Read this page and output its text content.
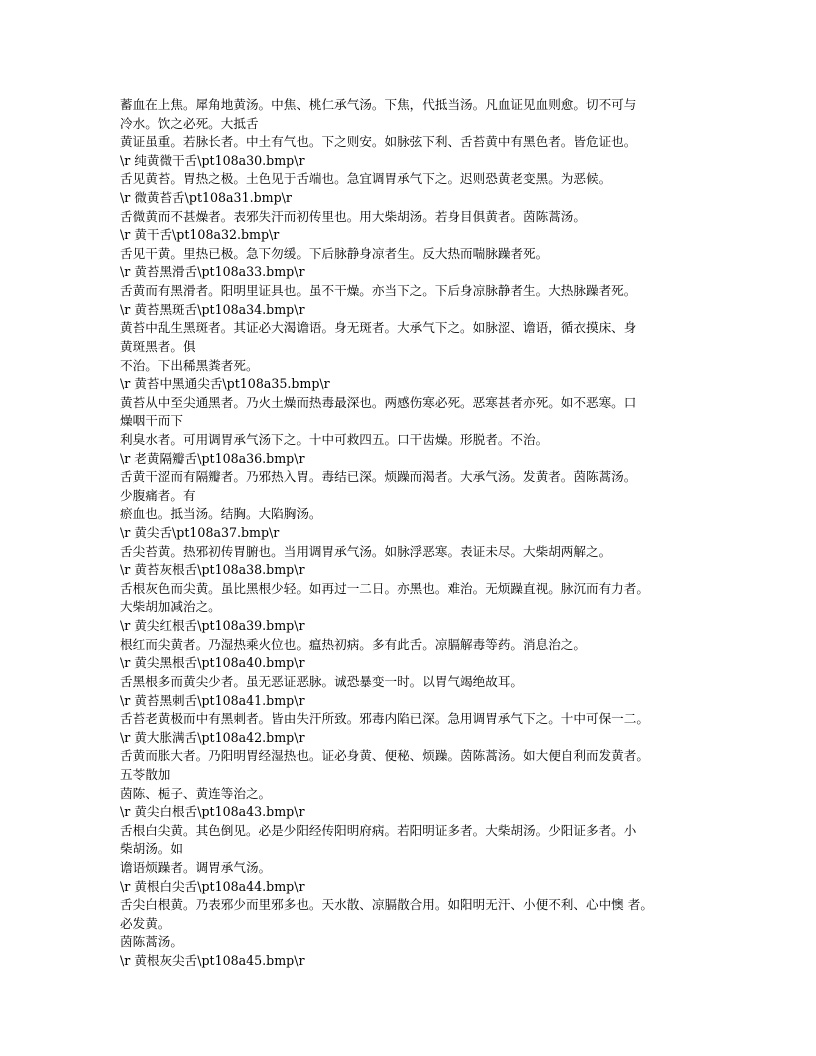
蓄血在上焦。犀角地黄汤。中焦、桃仁承气汤。下焦，代抵当汤。凡血证见血则愈。切不可与
冷水。饮之必死。大抵舌
黄证虽重。若脉长者。中土有气也。下之则安。如脉弦下利、舌苔黄中有黑色者。皆危证也。
\r 纯黄微干舌\pt108a30.bmp\r
舌见黄苔。胃热之极。土色见于舌端也。急宜调胃承气下之。迟则恐黄老变黑。为恶候。
\r 微黄苔舌\pt108a31.bmp\r
舌微黄而不甚燥者。表邪失汗而初传里也。用大柴胡汤。若身目俱黄者。茵陈蒿汤。
\r 黄干舌\pt108a32.bmp\r
舌见干黄。里热已极。急下勿缓。下后脉静身凉者生。反大热而喘脉躁者死。
\r 黄苔黑滑舌\pt108a33.bmp\r
舌黄而有黑滑者。阳明里证具也。虽不干燥。亦当下之。下后身凉脉静者生。大热脉躁者死。
\r 黄苔黑斑舌\pt108a34.bmp\r
黄苔中乱生黑斑者。其证必大渴谵语。身无斑者。大承气下之。如脉涩、谵语，循衣摸床、身
黄斑黑者。俱
不治。下出稀黑粪者死。
\r 黄苔中黑通尖舌\pt108a35.bmp\r
黄苔从中至尖通黑者。乃火土燥而热毒最深也。两感伤寒必死。恶寒甚者亦死。如不恶寒。口
燥咽干而下
利臭水者。可用调胃承气汤下之。十中可救四五。口干齿燥。形脱者。不治。
\r 老黄隔瓣舌\pt108a36.bmp\r
舌黄干涩而有隔瓣者。乃邪热入胃。毒结已深。烦躁而渴者。大承气汤。发黄者。茵陈蒿汤。
少腹痛者。有
瘀血也。抵当汤。结胸。大陷胸汤。
\r 黄尖舌\pt108a37.bmp\r
舌尖苔黄。热邪初传胃腑也。当用调胃承气汤。如脉浮恶寒。表证未尽。大柴胡两解之。
\r 黄苔灰根舌\pt108a38.bmp\r
舌根灰色而尖黄。虽比黑根少轻。如再过一二日。亦黑也。难治。无烦躁直视。脉沉而有力者。
大柴胡加减治之。
\r 黄尖红根舌\pt108a39.bmp\r
根红而尖黄者。乃湿热乘火位也。瘟热初病。多有此舌。凉膈解毒等药。消息治之。
\r 黄尖黑根舌\pt108a40.bmp\r
舌黑根多而黄尖少者。虽无恶证恶脉。诚恐暴变一时。以胃气竭绝故耳。
\r 黄苔黑刺舌\pt108a41.bmp\r
舌苔老黄极而中有黑刺者。皆由失汗所致。邪毒内陷已深。急用调胃承气下之。十中可保一二。
\r 黄大胀满舌\pt108a42.bmp\r
舌黄而胀大者。乃阳明胃经湿热也。证必身黄、便秘、烦躁。茵陈蒿汤。如大便自利而发黄者。
五苓散加
茵陈、栀子、黄连等治之。
\r 黄尖白根舌\pt108a43.bmp\r
舌根白尖黄。其色倒见。必是少阳经传阳明府病。若阳明证多者。大柴胡汤。少阳证多者。小
柴胡汤。如
谵语烦躁者。调胃承气汤。
\r 黄根白尖舌\pt108a44.bmp\r
舌尖白根黄。乃表邪少而里邪多也。天水散、凉膈散合用。如阳明无汗、小便不利、心中懊 者。
必发黄。
茵陈蒿汤。
\r 黄根灰尖舌\pt108a45.bmp\r
